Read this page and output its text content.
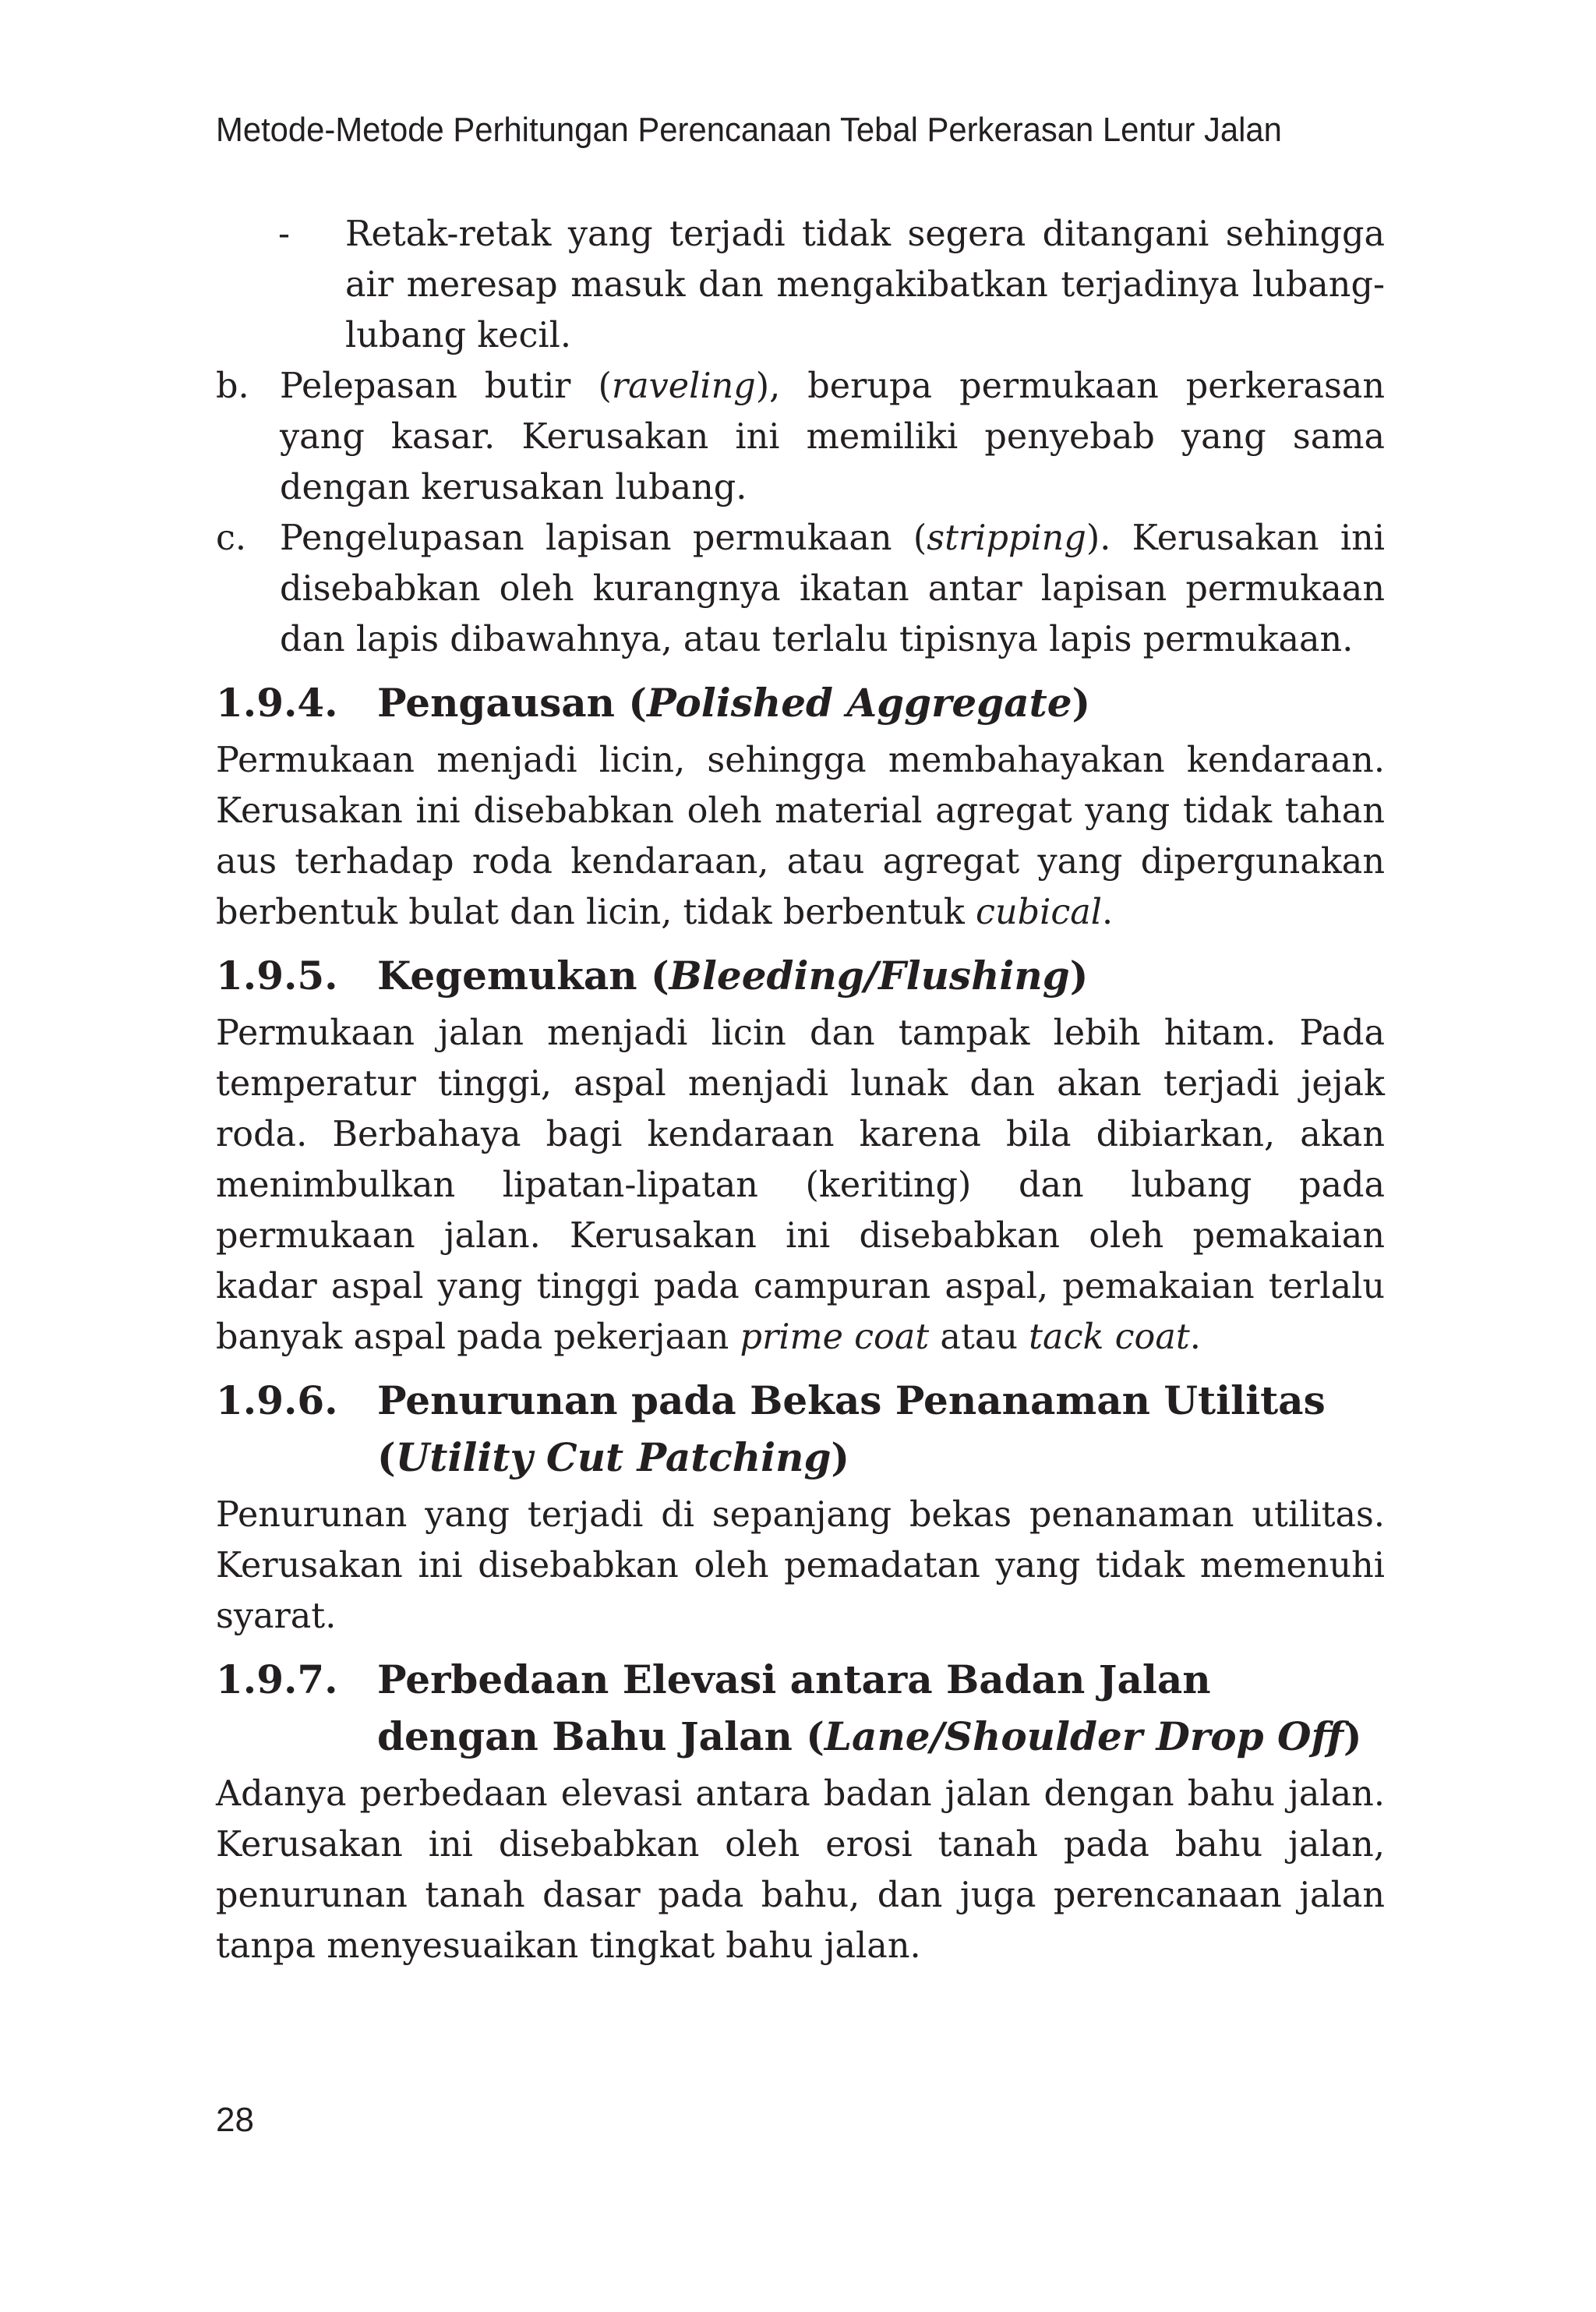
Metode-Metode Perhitungan Perencanaan Tebal Perkerasan Lentur Jalan
- Retak-retak yang terjadi tidak segera ditangani sehingga air meresap masuk dan mengakibatkan terjadinya lubang-lubang kecil.
b. Pelepasan butir (raveling), berupa permukaan perkerasan yang kasar. Kerusakan ini memiliki penyebab yang sama dengan kerusakan lubang.
c. Pengelupasan lapisan permukaan (stripping). Kerusakan ini disebabkan oleh kurangnya ikatan antar lapisan permukaan dan lapis dibawahnya, atau terlalu tipisnya lapis permukaan.
1.9.4. Pengausan (Polished Aggregate)

Permukaan menjadi licin, sehingga membahayakan kendaraan. Kerusakan ini disebabkan oleh material agregat yang tidak tahan aus terhadap roda kendaraan, atau agregat yang dipergunakan berbentuk bulat dan licin, tidak berbentuk cubical.

1.9.5. Kegemukan (Bleeding/Flushing)

Permukaan jalan menjadi licin dan tampak lebih hitam. Pada temperatur tinggi, aspal menjadi lunak dan akan terjadi jejak roda. Berbahaya bagi kendaraan karena bila dibiarkan, akan menimbulkan lipatan-lipatan (keriting) dan lubang pada permukaan jalan. Kerusakan ini disebabkan oleh pemakaian kadar aspal yang tinggi pada campuran aspal, pemakaian terlalu banyak aspal pada pekerjaan prime coat atau tack coat.

1.9.6. Penurunan pada Bekas Penanaman Utilitas (Utility Cut Patching)

Penurunan yang terjadi di sepanjang bekas penanaman utilitas. Kerusakan ini disebabkan oleh pemadatan yang tidak memenuhi syarat.

1.9.7. Perbedaan Elevasi antara Badan Jalan dengan Bahu Jalan (Lane/Shoulder Drop Off)

Adanya perbedaan elevasi antara badan jalan dengan bahu jalan. Kerusakan ini disebabkan oleh erosi tanah pada bahu jalan, penurunan tanah dasar pada bahu, dan juga perencanaan jalan tanpa menyesuaikan tingkat bahu jalan.

28
